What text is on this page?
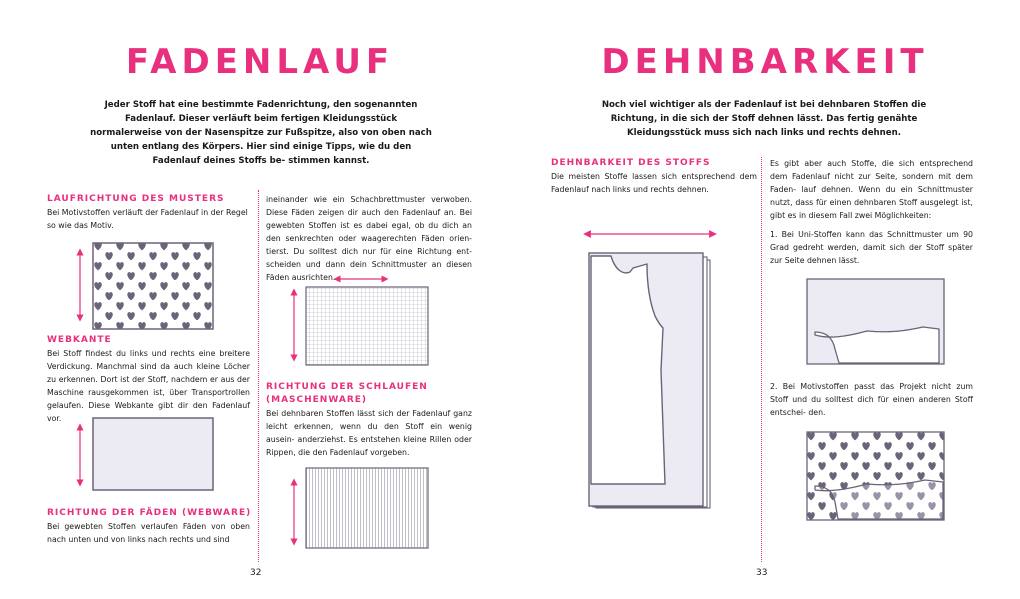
FADENLAUF
Jeder Stoff hat eine bestimmte Fadenrichtung, den sogenannten Fadenlauf. Dieser verläuft beim fertigen Kleidungsstück normalerweise von der Nasenspitze zur Fußspitze, also von oben nach unten entlang des Körpers. Hier sind einige Tipps, wie du den Fadenlauf deines Stoffs be- stimmen kannst.
LAUFRICHTUNG DES MUSTERS
Bei Motivstoffen verläuft der Fadenlauf in der Regel so wie das Motiv.
WEBKANTE
Bei Stoff findest du links und rechts eine breitere Verdickung. Manchmal sind da auch kleine Löcher zu erkennen. Dort ist der Stoff, nachdem er aus der Maschine rausgekommen ist, über Transportrollen gelaufen. Diese Webkante gibt dir den Fadenlauf vor.
RICHTUNG DER FÄDEN (WEBWARE)
Bei gewebten Stoffen verlaufen Fäden von oben nach unten und von links nach rechts und sind
ineinander wie ein Schachbrettmuster verwoben. Diese Fäden zeigen dir auch den Fadenlauf an. Bei gewebten Stoffen ist es dabei egal, ob du dich an den senkrechten oder waagerechten Fäden orien- tierst. Du solltest dich nur für eine Richtung ent- scheiden und dann dein Schnittmuster an diesen Fäden ausrichten.
RICHTUNG DER SCHLAUFEN (MASCHENWARE)
Bei dehnbaren Stoffen lässt sich der Fadenlauf ganz leicht erkennen, wenn du den Stoff ein wenig ausein- anderziehst. Es entstehen kleine Rillen oder Rippen, die den Fadenlauf vorgeben.
32
DEHNBARKEIT
Noch viel wichtiger als der Fadenlauf ist bei dehnbaren Stoffen die Richtung, in die sich der Stoff dehnen lässt. Das fertig genähte Kleidungsstück muss sich nach links und rechts dehnen.
DEHNBARKEIT DES STOFFS
Die meisten Stoffe lassen sich entsprechend dem Fadenlauf nach links und rechts dehnen.
Es gibt aber auch Stoffe, die sich entsprechend dem Fadenlauf nicht zur Seite, sondern mit dem Faden- lauf dehnen. Wenn du ein Schnittmuster nutzt, dass für einen dehnbaren Stoff ausgelegt ist, gibt es in diesem Fall zwei Möglichkeiten:
1. Bei Uni-Stoffen kann das Schnittmuster um 90 Grad gedreht werden, damit sich der Stoff später zur Seite dehnen lässt.
2. Bei Motivstoffen passt das Projekt nicht zum Stoff und du solltest dich für einen anderen Stoff entschei- den.
33
